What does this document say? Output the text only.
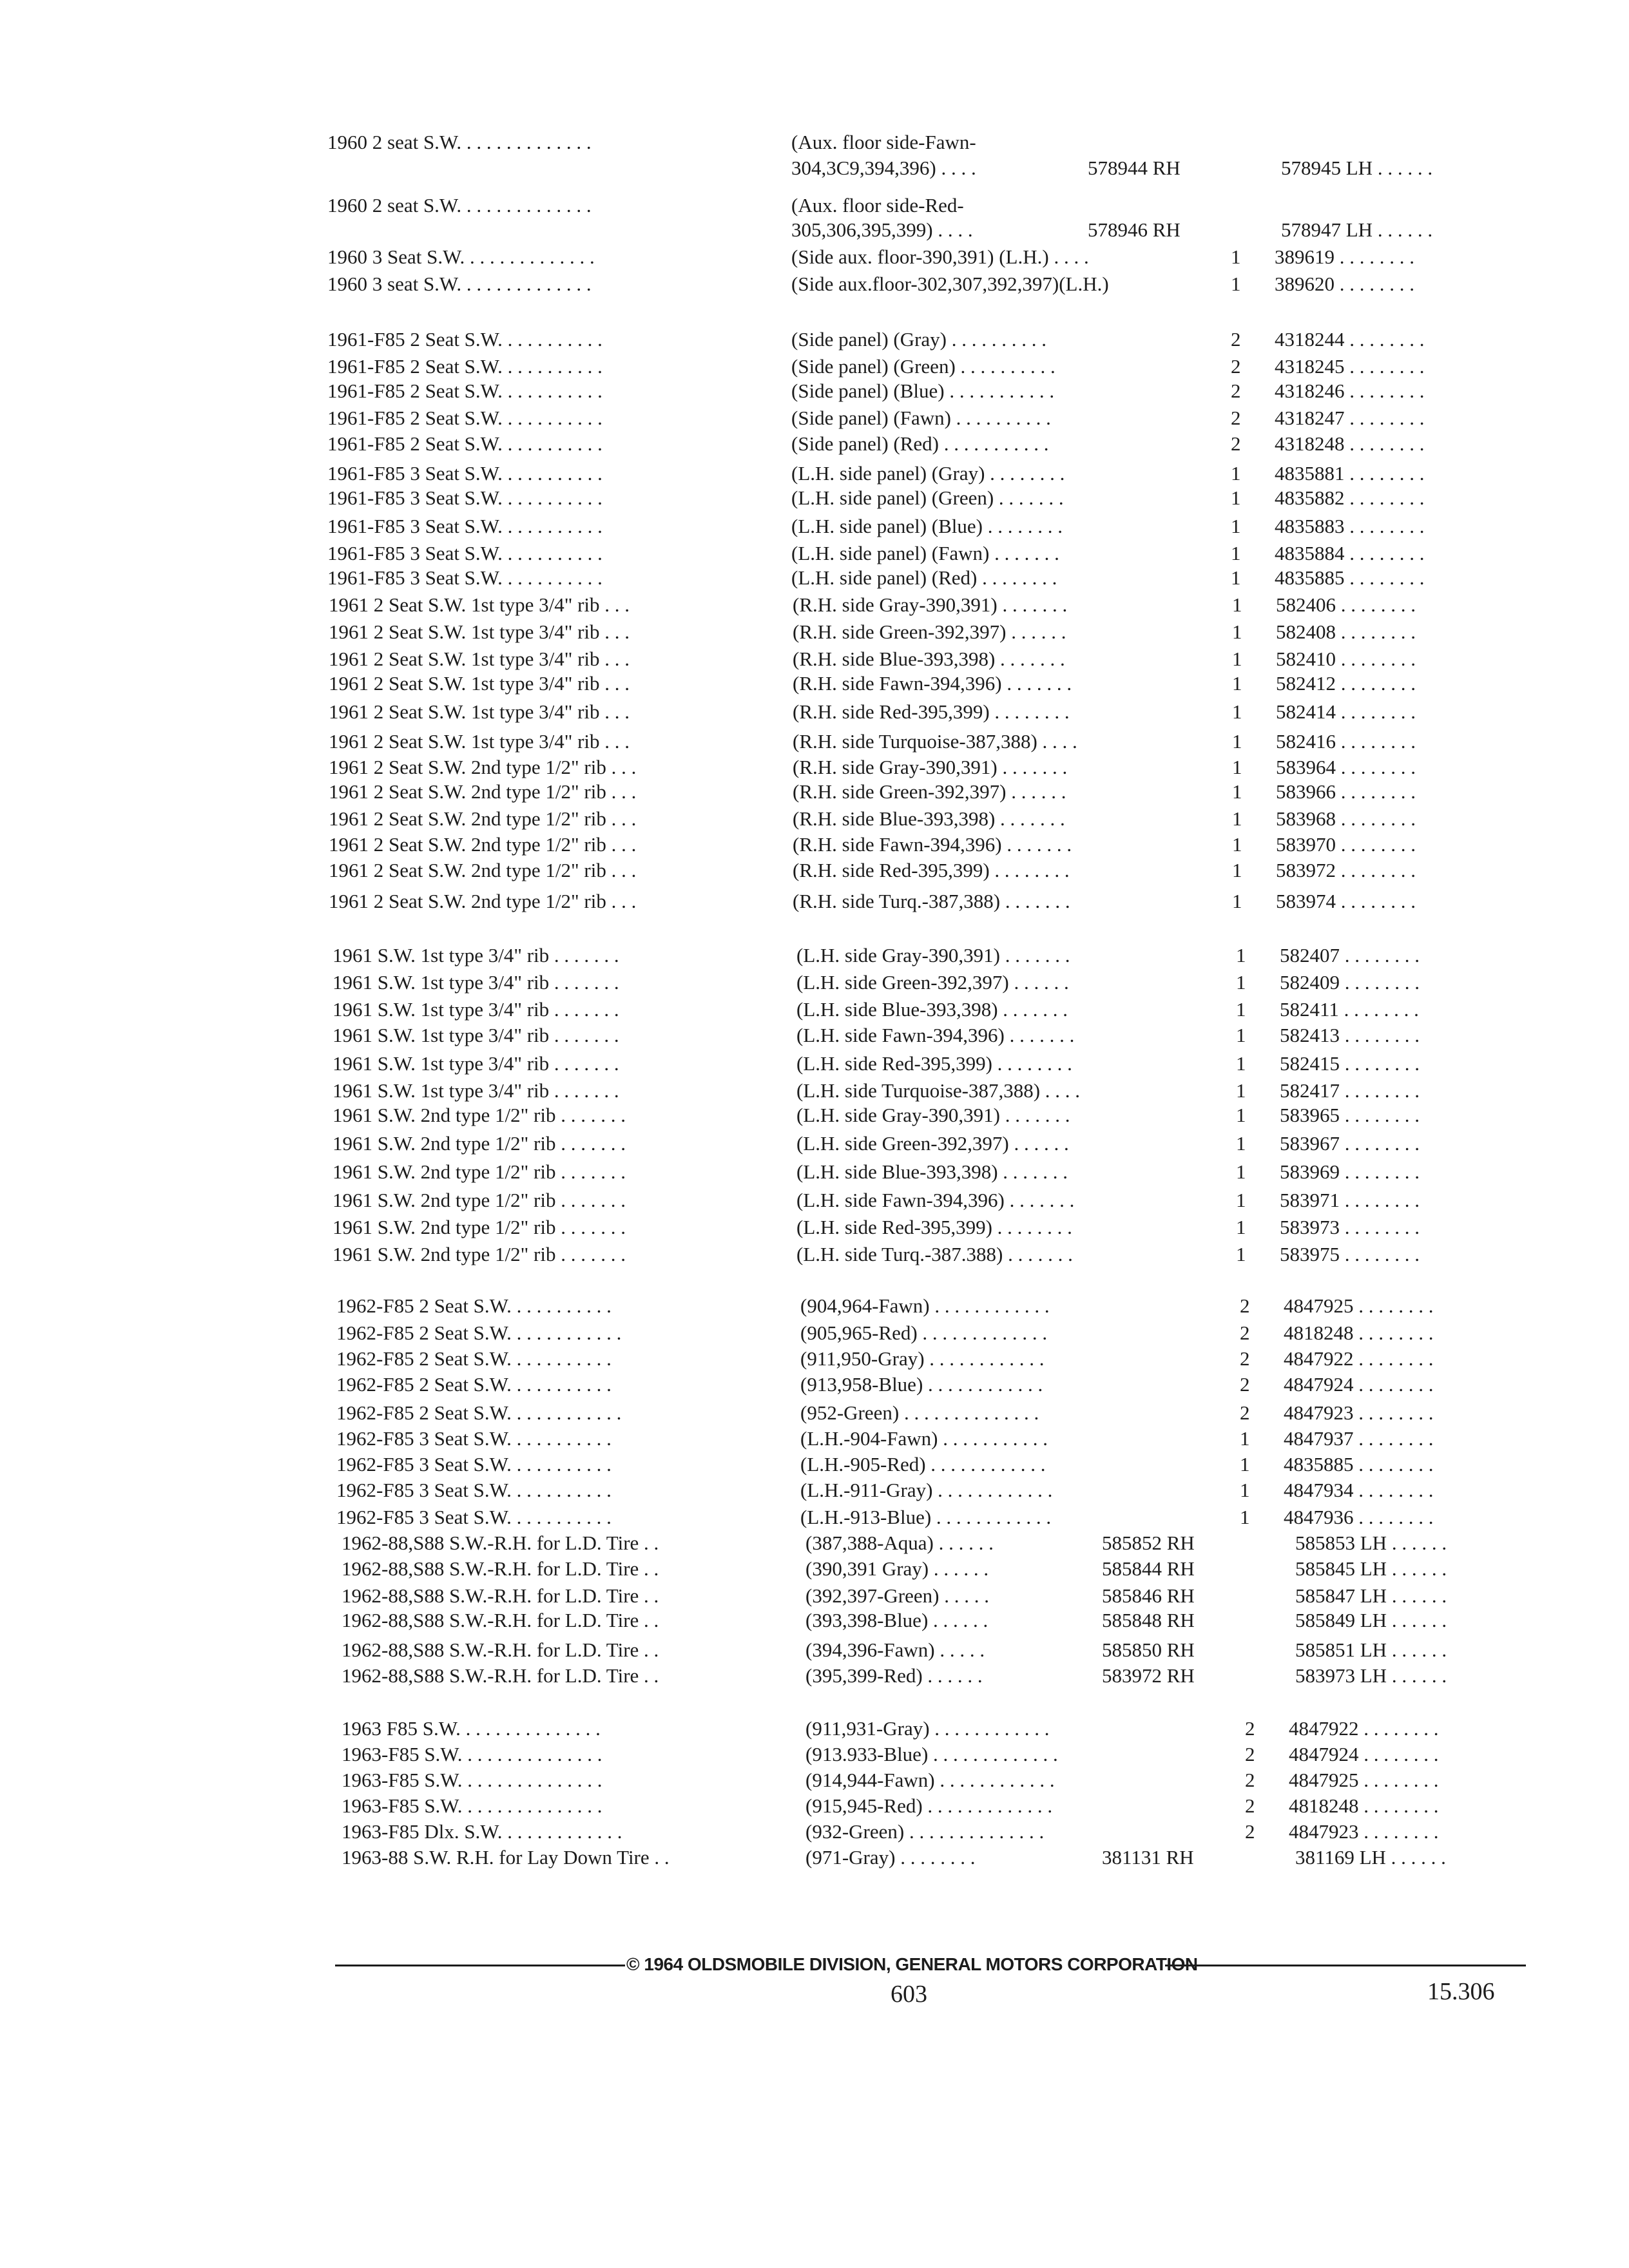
1960 2 seat S.W. . . . . . . . . . . . . .	(Aux. floor side-Fawn-
304,3C9,394,396) . . . .	578944 RH	578945 LH . . . . . .
1960 2 seat S.W. . . . . . . . . . . . . .	(Aux. floor side-Red-
305,306,395,399) . . . .	578946 RH	578947 LH . . . . . .
1960 3 Seat S.W. . . . . . . . . . . . . .	(Side aux. floor-390,391) (L.H.) . . . .	1 389619 . . . . . . . .
1960 3 seat S.W. . . . . . . . . . . . . .	(Side aux.floor-302,307,392,397)(L.H.)	1 389620 . . . . . . . .
1961-F85 2 Seat S.W. . . . . . . . . . .	(Side panel) (Gray) . . . . . . . . . .	2 4318244 . . . . . . . .
1961-F85 2 Seat S.W. . . . . . . . . . .	(Side panel) (Green) . . . . . . . . . .	2 4318245 . . . . . . . .
1961-F85 2 Seat S.W. . . . . . . . . . .	(Side panel) (Blue) . . . . . . . . . . .	2 4318246 . . . . . . . .
1961-F85 2 Seat S.W. . . . . . . . . . .	(Side panel) (Fawn) . . . . . . . . . .	2 4318247 . . . . . . . .
1961-F85 2 Seat S.W. . . . . . . . . . .	(Side panel) (Red) . . . . . . . . . . .	2 4318248 . . . . . . . .
1961-F85 3 Seat S.W. . . . . . . . . . .	(L.H. side panel) (Gray) . . . . . . . .	1 4835881 . . . . . . . .
1961-F85 3 Seat S.W. . . . . . . . . . .	(L.H. side panel) (Green) . . . . . . .	1 4835882 . . . . . . . .
1961-F85 3 Seat S.W. . . . . . . . . . .	(L.H. side panel) (Blue) . . . . . . . .	1 4835883 . . . . . . . .
1961-F85 3 Seat S.W. . . . . . . . . . .	(L.H. side panel) (Fawn) . . . . . . .	1 4835884 . . . . . . . .
1961-F85 3 Seat S.W. . . . . . . . . . .	(L.H. side panel) (Red) . . . . . . . .	1 4835885 . . . . . . . .
1961 2 Seat S.W. 1st type 3/4" rib . . .	(R.H. side Gray-390,391) . . . . . . .	1 582406 . . . . . . . .
1961 2 Seat S.W. 1st type 3/4" rib . . .	(R.H. side Green-392,397) . . . . . .	1 582408 . . . . . . . .
1961 2 Seat S.W. 1st type 3/4" rib . . .	(R.H. side Blue-393,398) . . . . . . .	1 582410 . . . . . . . .
1961 2 Seat S.W. 1st type 3/4" rib . . .	(R.H. side Fawn-394,396) . . . . . . .	1 582412 . . . . . . . .
1961 2 Seat S.W. 1st type 3/4" rib . . .	(R.H. side Red-395,399) . . . . . . . .	1 582414 . . . . . . . .
1961 2 Seat S.W. 1st type 3/4" rib . . .	(R.H. side Turquoise-387,388) . . . .	1 582416 . . . . . . . .
1961 2 Seat S.W. 2nd type 1/2" rib . . .	(R.H. side Gray-390,391) . . . . . . .	1 583964 . . . . . . . .
1961 2 Seat S.W. 2nd type 1/2" rib . . .	(R.H. side Green-392,397) . . . . . .	1 583966 . . . . . . . .
1961 2 Seat S.W. 2nd type 1/2" rib . . .	(R.H. side Blue-393,398) . . . . . . .	1 583968 . . . . . . . .
1961 2 Seat S.W. 2nd type 1/2" rib . . .	(R.H. side Fawn-394,396) . . . . . . .	1 583970 . . . . . . . .
1961 2 Seat S.W. 2nd type 1/2" rib . . .	(R.H. side Red-395,399) . . . . . . . .	1 583972 . . . . . . . .
1961 2 Seat S.W. 2nd type 1/2" rib . . .	(R.H. side Turq.-387,388) . . . . . . .	1 583974 . . . . . . . .
1961 S.W. 1st type 3/4" rib . . . . . . .	(L.H. side Gray-390,391) . . . . . . .	1 582407 . . . . . . . .
1961 S.W. 1st type 3/4" rib . . . . . . .	(L.H. side Green-392,397) . . . . . .	1 582409 . . . . . . . .
1961 S.W. 1st type 3/4" rib . . . . . . .	(L.H. side Blue-393,398) . . . . . . .	1 582411 . . . . . . . .
1961 S.W. 1st type 3/4" rib . . . . . . .	(L.H. side Fawn-394,396) . . . . . . .	1 582413 . . . . . . . .
1961 S.W. 1st type 3/4" rib . . . . . . .	(L.H. side Red-395,399) . . . . . . . .	1 582415 . . . . . . . .
1961 S.W. 1st type 3/4" rib . . . . . . .	(L.H. side Turquoise-387,388) . . . .	1 582417 . . . . . . . .
1961 S.W. 2nd type 1/2" rib . . . . . . .	(L.H. side Gray-390,391) . . . . . . .	1 583965 . . . . . . . .
1961 S.W. 2nd type 1/2" rib . . . . . . .	(L.H. side Green-392,397) . . . . . .	1 583967 . . . . . . . .
1961 S.W. 2nd type 1/2" rib . . . . . . .	(L.H. side Blue-393,398) . . . . . . .	1 583969 . . . . . . . .
1961 S.W. 2nd type 1/2" rib . . . . . . .	(L.H. side Fawn-394,396) . . . . . . .	1 583971 . . . . . . . .
1961 S.W. 2nd type 1/2" rib . . . . . . .	(L.H. side Red-395,399) . . . . . . . .	1 583973 . . . . . . . .
1961 S.W. 2nd type 1/2" rib . . . . . . .	(L.H. side Turq.-387.388) . . . . . . .	1 583975 . . . . . . . .
1962-F85 2 Seat S.W. . . . . . . . . . .	(904,964-Fawn) . . . . . . . . . . . .	2 4847925 . . . . . . . .
1962-F85 2 Seat S.W. . . . . . . . . . . .	(905,965-Red) . . . . . . . . . . . . .	2 4818248 . . . . . . . .
1962-F85 2 Seat S.W. . . . . . . . . . .	(911,950-Gray) . . . . . . . . . . . .	2 4847922 . . . . . . . .
1962-F85 2 Seat S.W. . . . . . . . . . .	(913,958-Blue) . . . . . . . . . . . .	2 4847924 . . . . . . . .
1962-F85 2 Seat S.W. . . . . . . . . . . .	(952-Green) . . . . . . . . . . . . . .	2 4847923 . . . . . . . .
1962-F85 3 Seat S.W. . . . . . . . . . .	(L.H.-904-Fawn) . . . . . . . . . . .	1 4847937 . . . . . . . .
1962-F85 3 Seat S.W. . . . . . . . . . .	(L.H.-905-Red) . . . . . . . . . . . .	1 4835885 . . . . . . . .
1962-F85 3 Seat S.W. . . . . . . . . . .	(L.H.-911-Gray) . . . . . . . . . . . .	1 4847934 . . . . . . . .
1962-F85 3 Seat S.W. . . . . . . . . . .	(L.H.-913-Blue) . . . . . . . . . . . .	1 4847936 . . . . . . . .
1962-88,S88 S.W.-R.H. for L.D. Tire . .	(387,388-Aqua) . . . . . .	585852 RH	585853 LH . . . . . .
1962-88,S88 S.W.-R.H. for L.D. Tire . .	(390,391 Gray) . . . . . .	585844 RH	585845 LH . . . . . .
1962-88,S88 S.W.-R.H. for L.D. Tire . .	(392,397-Green) . . . . .	585846 RH	585847 LH . . . . . .
1962-88,S88 S.W.-R.H. for L.D. Tire . .	(393,398-Blue) . . . . . .	585848 RH	585849 LH . . . . . .
1962-88,S88 S.W.-R.H. for L.D. Tire . .	(394,396-Fawn) . . . . .	585850 RH	585851 LH . . . . . .
1962-88,S88 S.W.-R.H. for L.D. Tire . .	(395,399-Red) . . . . . .	583972 RH	583973 LH . . . . . .
1963 F85 S.W. . . . . . . . . . . . . . .	(911,931-Gray) . . . . . . . . . . . .	2 4847922 . . . . . . . .
1963-F85 S.W. . . . . . . . . . . . . . .	(913.933-Blue) . . . . . . . . . . . . .	2 4847924 . . . . . . . .
1963-F85 S.W. . . . . . . . . . . . . . .	(914,944-Fawn) . . . . . . . . . . . .	2 4847925 . . . . . . . .
1963-F85 S.W. . . . . . . . . . . . . . .	(915,945-Red) . . . . . . . . . . . . .	2 4818248 . . . . . . . .
1963-F85 Dlx. S.W. . . . . . . . . . . . .	(932-Green) . . . . . . . . . . . . . .	2 4847923 . . . . . . . .
1963-88 S.W. R.H. for Lay Down Tire . .	(971-Gray) . . . . . . . .	381131 RH	381169 LH . . . . . .
© 1964 OLDSMOBILE DIVISION, GENERAL MOTORS CORPORATION
603	15.306
